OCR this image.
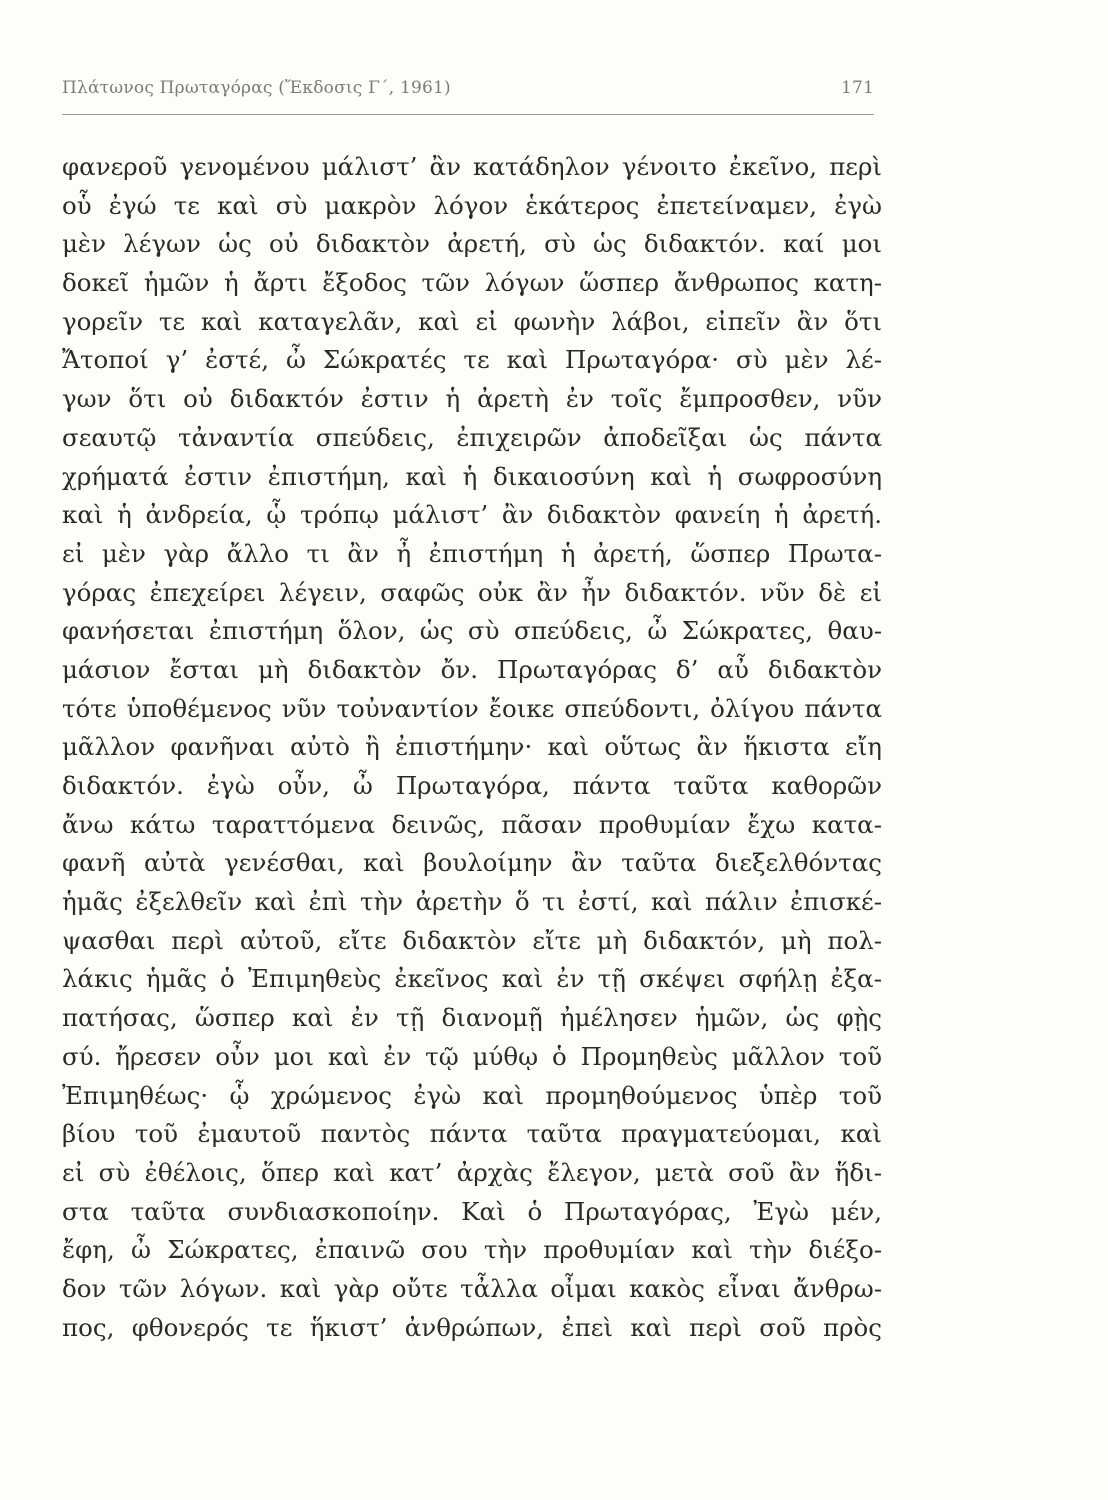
Πλάτωνος Πρωταγόρας (Ἔκδοσις Γ΄, 1961)	171
φανεροῦ γενομένου μάλιστ’ ἂν κατάδηλον γένοιτο ἐκεῖνο, περὶ
οὗ ἐγώ τε καὶ σὺ μακρὸν λόγον ἑκάτερος ἐπετείναμεν, ἐγὼ
μὲν λέγων ὡς οὐ διδακτὸν ἀρετή, σὺ ὡς διδακτόν. καί μοι
δοκεῖ ἡμῶν ἡ ἄρτι ἔξοδος τῶν λόγων ὥσπερ ἄνθρωπος κατη-
γορεῖν τε καὶ καταγελᾶν, καὶ εἰ φωνὴν λάβοι, εἰπεῖν ἂν ὅτι
Ἄτοποί γ’ ἐστέ, ὦ Σώκρατές τε καὶ Πρωταγόρα· σὺ μὲν λέ-
γων ὅτι οὐ διδακτόν ἐστιν ἡ ἀρετὴ ἐν τοῖς ἔμπροσθεν, νῦν
σεαυτῷ τἀναντία σπεύδεις, ἐπιχειρῶν ἀποδεῖξαι ὡς πάντα
χρήματά ἐστιν ἐπιστήμη, καὶ ἡ δικαιοσύνη καὶ ἡ σωφροσύνη
καὶ ἡ ἀνδρεία, ᾧ τρόπῳ μάλιστ’ ἂν διδακτὸν φανείη ἡ ἀρετή.
εἰ μὲν γὰρ ἄλλο τι ἂν ἦ ἐπιστήμη ἡ ἀρετή, ὥσπερ Πρωτα-
γόρας ἐπεχείρει λέγειν, σαφῶς οὐκ ἂν ἦν διδακτόν. νῦν δὲ εἰ
φανήσεται ἐπιστήμη ὅλον, ὡς σὺ σπεύδεις, ὦ Σώκρατες, θαυ-
μάσιον ἔσται μὴ διδακτὸν ὄν. Πρωταγόρας δ’ αὖ διδακτὸν
τότε ὑποθέμενος νῦν τοὐναντίον ἔοικε σπεύδοντι, ὀλίγου πάντα
μᾶλλον φανῆναι αὐτὸ ἢ ἐπιστήμην· καὶ οὕτως ἂν ἥκιστα εἴη
διδακτόν. ἐγὼ οὖν, ὦ Πρωταγόρα, πάντα ταῦτα καθορῶν
ἄνω κάτω ταραττόμενα δεινῶς, πᾶσαν προθυμίαν ἔχω κατα-
φανῆ αὐτὰ γενέσθαι, καὶ βουλοίμην ἂν ταῦτα διεξελθόντας
ἡμᾶς ἐξελθεῖν καὶ ἐπὶ τὴν ἀρετὴν ὅ τι ἐστί, καὶ πάλιν ἐπισκέ-
ψασθαι περὶ αὐτοῦ, εἴτε διδακτὸν εἴτε μὴ διδακτόν, μὴ πολ-
λάκις ἡμᾶς ὁ Ἐπιμηθεὺς ἐκεῖνος καὶ ἐν τῇ σκέψει σφήλῃ ἐξα-
πατήσας, ὥσπερ καὶ ἐν τῇ διανομῇ ἠμέλησεν ἡμῶν, ὡς φῂς
σύ. ἤρεσεν οὖν μοι καὶ ἐν τῷ μύθῳ ὁ Προμηθεὺς μᾶλλον τοῦ
Ἐπιμηθέως· ᾧ χρώμενος ἐγὼ καὶ προμηθούμενος ὑπὲρ τοῦ
βίου τοῦ ἐμαυτοῦ παντὸς πάντα ταῦτα πραγματεύομαι, καὶ
εἰ σὺ ἐθέλοις, ὅπερ καὶ κατ’ ἀρχὰς ἔλεγον, μετὰ σοῦ ἂν ἥδι-
στα ταῦτα συνδιασκοποίην. Καὶ ὁ Πρωταγόρας, Ἐγὼ μέν,
ἔφη, ὦ Σώκρατες, ἐπαινῶ σου τὴν προθυμίαν καὶ τὴν διέξο-
δον τῶν λόγων. καὶ γὰρ οὔτε τἆλλα οἶμαι κακὸς εἶναι ἄνθρω-
πος, φθονερός τε ἥκιστ’ ἀνθρώπων, ἐπεὶ καὶ περὶ σοῦ πρὸς
